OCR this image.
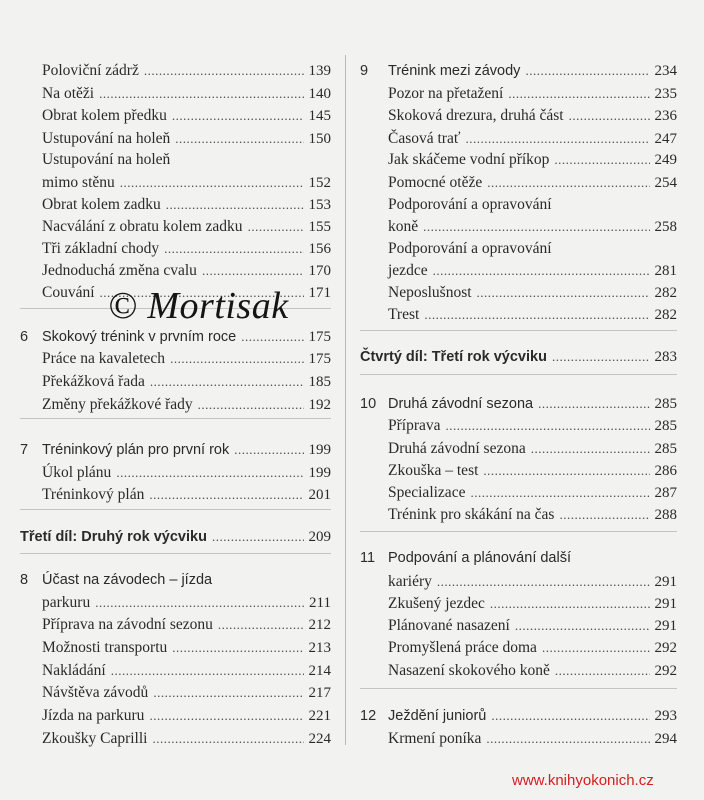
Poloviční zádrž	139
.....
Na otěži	140
.....
Obrat kolem předku	145
.....
Ustupování na holeň	150
.....
Ustupování na holeň
mimo stěnu	152
.....
Obrat kolem zadku	153
.....
Nacválání z obratu kolem zadku	155
.....
Tři základní chody	156
.....
Jednoduchá změna cvalu	170
.....
Couvání	171
.....
6 Skokový trénink v prvním roce	175
.....
Práce na kavaletech	175
.....
Překážková řada	185
.....
Změny překážkové řady	192
.....
7 Tréninkový plán pro první rok	199
.....
Úkol plánu	199
.....
Tréninkový plán	201
.....
Třetí díl: Druhý rok výcviku	209
.....
8 Účast na závodech – jízda
parkuru	211
.....
Příprava na závodní sezonu	212
.....
Možnosti transportu	213
.....
Nakládání	214
.....
Návštěva závodů	217
.....
Jízda na parkuru	221
.....
Zkoušky Caprilli	224
.....
9 Trénink mezi závody	234
.....
Pozor na přetažení	235
.....
Skoková drezura, druhá část	236
.....
Časová trať	247
.....
Jak skáčeme vodní příkop	249
.....
Pomocné otěže	254
.....
Podporování a opravování
koně	258
.....
Podporování a opravování
jezdce	281
.....
Neposlušnost	282
.....
Trest	282
.....
Čtvrtý díl: Třetí rok výcviku	283
.....
10 Druhá závodní sezona	285
.....
Příprava	285
.....
Druhá závodní sezona	285
.....
Zkouška – test	286
.....
Specializace	287
.....
Trénink pro skákání na čas	288
.....
11 Podpování a plánování další
kariéry	291
.....
Zkušený jezdec	291
.....
Plánované nasazení	291
.....
Promyšlená práce doma	292
.....
Nasazení skokového koně	292
.....
12 Ježdění juniorů	293
.....
Krmení poníka	294
.....
© Mortisak
www.knihyokonich.cz
